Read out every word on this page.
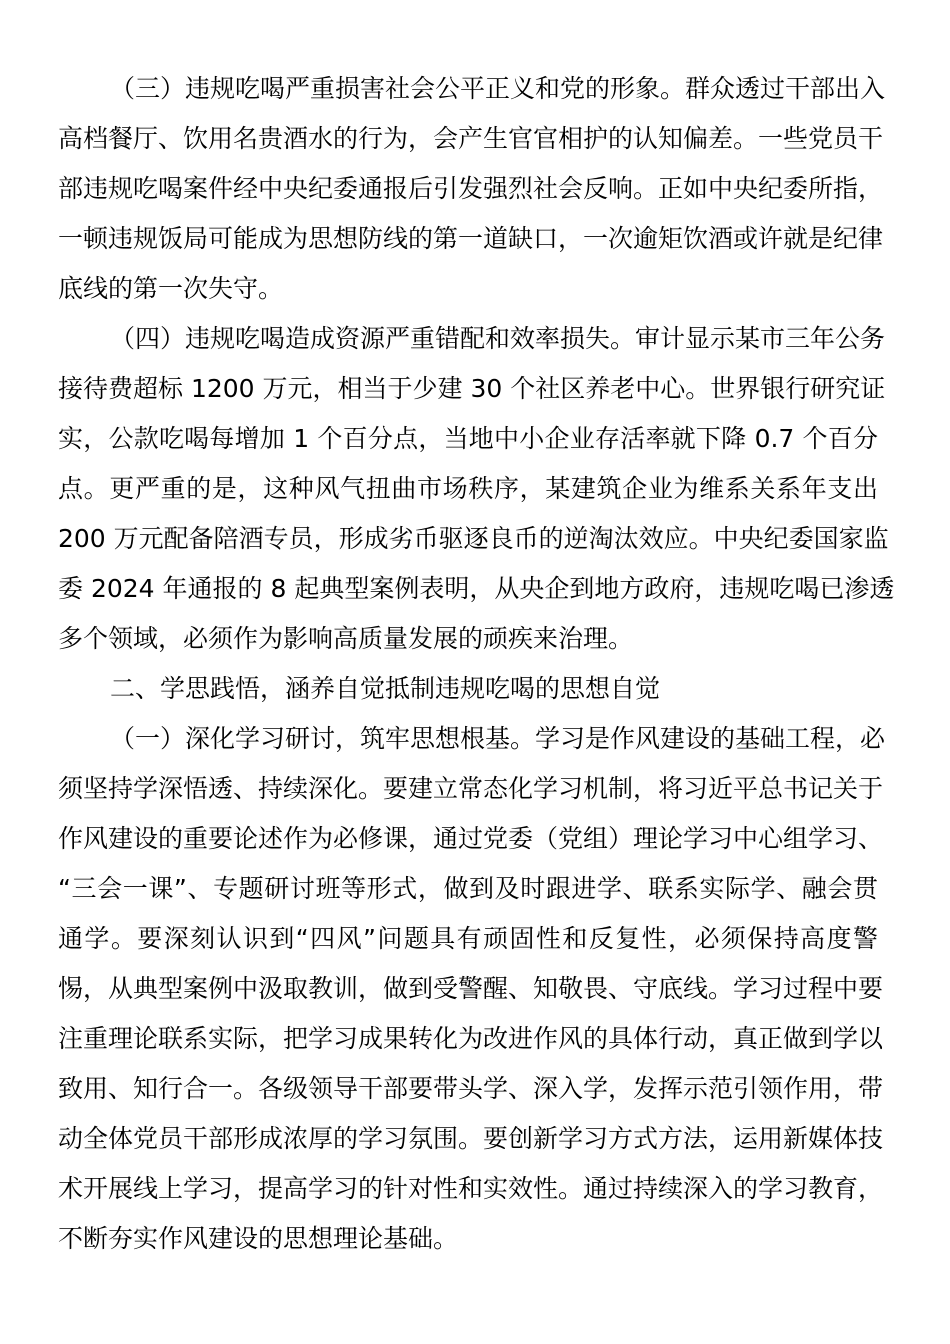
（三）违规吃喝严重损害社会公平正义和党的形象。群众透过干部出入
高档餐厅、饮用名贵酒水的行为，会产生官官相护的认知偏差。一些党员干
部违规吃喝案件经中央纪委通报后引发强烈社会反响。正如中央纪委所指，
一顿违规饭局可能成为思想防线的第一道缺口，一次逾矩饮酒或许就是纪律
底线的第一次失守。
（四）违规吃喝造成资源严重错配和效率损失。审计显示某市三年公务
接待费超标 1200 万元，相当于少建 30 个社区养老中心。世界银行研究证
实，公款吃喝每增加 1 个百分点，当地中小企业存活率就下降 0.7 个百分
点。更严重的是，这种风气扭曲市场秩序，某建筑企业为维系关系年支出
200 万元配备陪酒专员，形成劣币驱逐良币的逆淘汰效应。中央纪委国家监
委 2024 年通报的 8 起典型案例表明，从央企到地方政府，违规吃喝已渗透
多个领域，必须作为影响高质量发展的顽疾来治理。
二、学思践悟，涵养自觉抵制违规吃喝的思想自觉
（一）深化学习研讨，筑牢思想根基。学习是作风建设的基础工程，必
须坚持学深悟透、持续深化。要建立常态化学习机制，将习近平总书记关于
作风建设的重要论述作为必修课，通过党委（党组）理论学习中心组学习、
“三会一课”、专题研讨班等形式，做到及时跟进学、联系实际学、融会贯
通学。要深刻认识到“四风”问题具有顽固性和反复性，必须保持高度警
惕，从典型案例中汲取教训，做到受警醒、知敬畏、守底线。学习过程中要
注重理论联系实际，把学习成果转化为改进作风的具体行动，真正做到学以
致用、知行合一。各级领导干部要带头学、深入学，发挥示范引领作用，带
动全体党员干部形成浓厚的学习氛围。要创新学习方式方法，运用新媒体技
术开展线上学习，提高学习的针对性和实效性。通过持续深入的学习教育，
不断夯实作风建设的思想理论基础。
